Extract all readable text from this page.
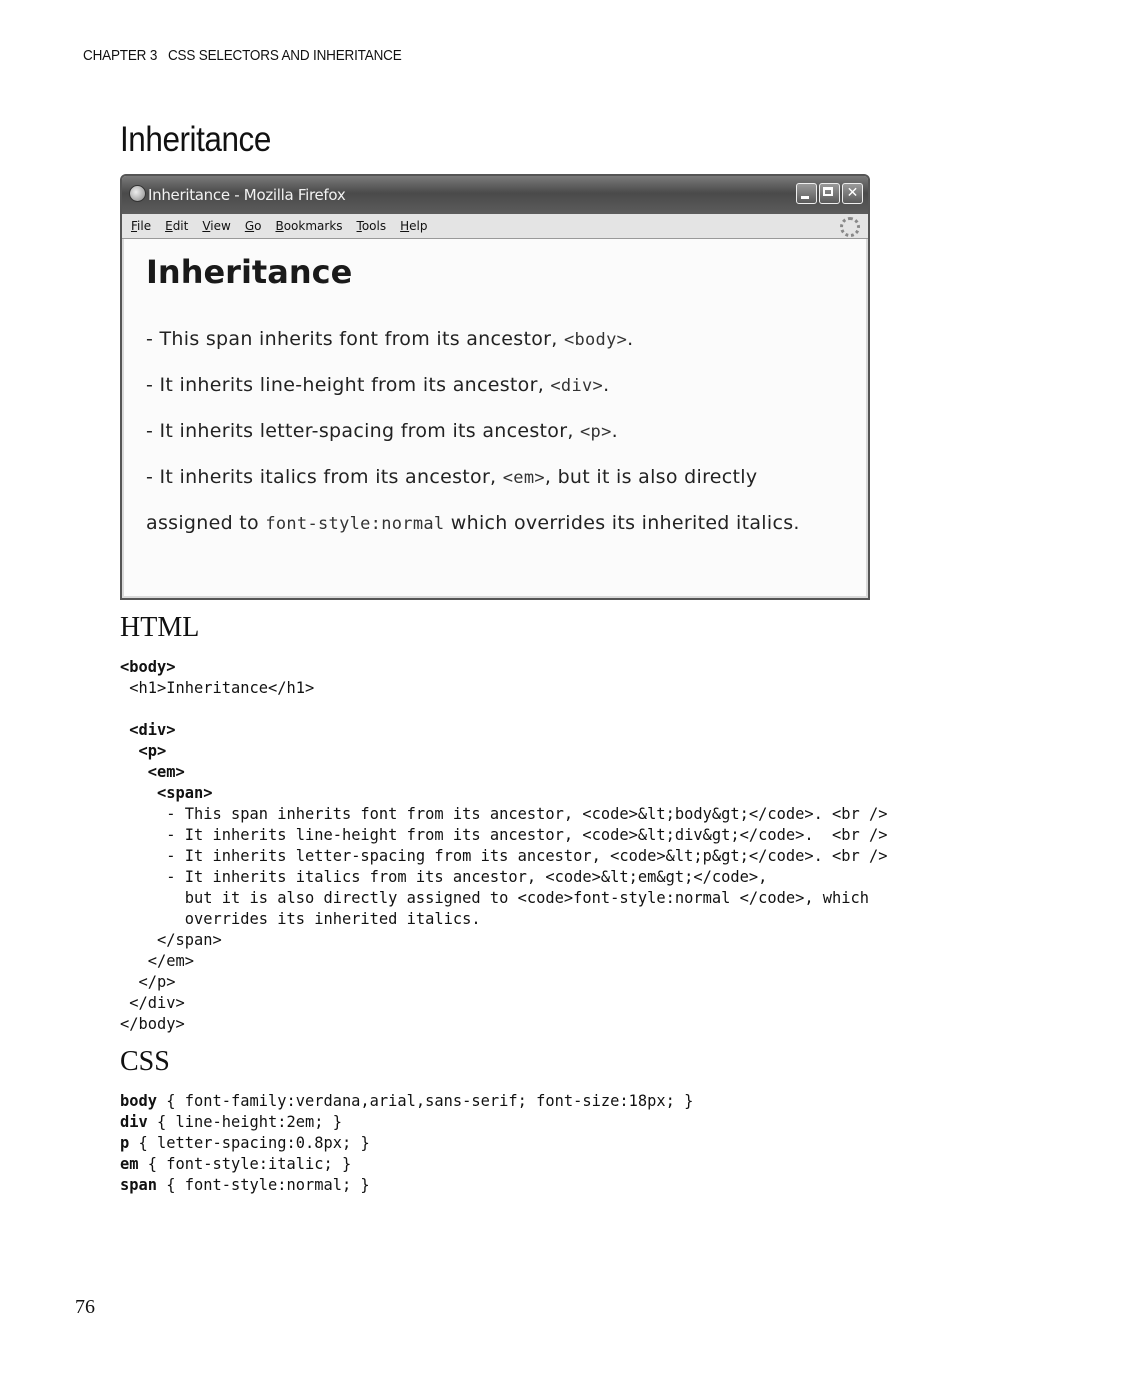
CHAPTER 3 CSS SELECTORS AND INHERITANCE
Inheritance
Inheritance - Mozilla Firefox	✕
File Edit View Go Bookmarks Tools Help
Inheritance
- This span inherits font from its ancestor, <body>.
- It inherits line-height from its ancestor, <div>.
- It inherits letter-spacing from its ancestor, <p>.
- It inherits italics from its ancestor, <em>, but it is also directly
assigned to font-style:normal which overrides its inherited italics.
HTML
<body>
<h1>Inheritance</h1>
<div>
<p>
<em>
<span>
- This span inherits font from its ancestor, <code>&lt;body&gt;</code>. <br />
- It inherits line-height from its ancestor, <code>&lt;div&gt;</code>.  <br />
- It inherits letter-spacing from its ancestor, <code>&lt;p&gt;</code>. <br />
- It inherits italics from its ancestor, <code>&lt;em&gt;</code>,
but it is also directly assigned to <code>font-style:normal </code>, which
overrides its inherited italics.
</span>
</em>
</p>
</div>
</body>
CSS
body { font-family:verdana,arial,sans-serif; font-size:18px; }
div { line-height:2em; }
p { letter-spacing:0.8px; }
em { font-style:italic; }
span { font-style:normal; }
76
